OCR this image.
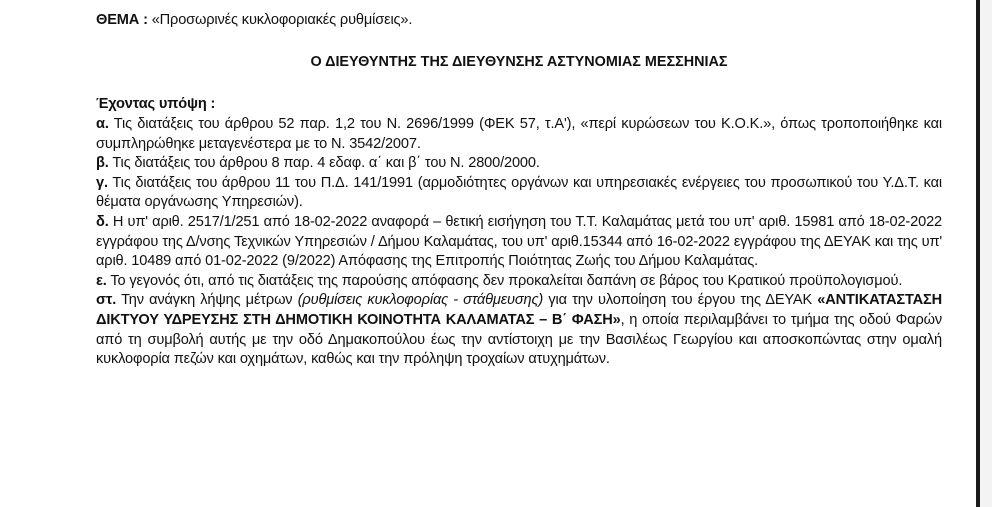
ΘΕΜΑ : «Προσωρινές κυκλοφοριακές ρυθμίσεις».

Ο ΔΙΕΥΘΥΝΤΗΣ ΤΗΣ ΔΙΕΥΘΥΝΣΗΣ ΑΣΤΥΝΟΜΙΑΣ ΜΕΣΣΗΝΙΑΣ

Έχοντας υπόψη :

α. Τις διατάξεις του άρθρου 52 παρ. 1,2 του Ν. 2696/1999 (ΦΕΚ 57, τ.Α'), «περί κυρώσεων του Κ.Ο.Κ.», όπως τροποποιήθηκε και συμπληρώθηκε μεταγενέστερα με το Ν. 3542/2007.

β. Τις διατάξεις του άρθρου 8 παρ. 4 εδαφ. α΄ και β΄ του Ν. 2800/2000.

γ. Τις διατάξεις του άρθρου 11 του Π.Δ. 141/1991 (αρμοδιότητες οργάνων και υπηρεσιακές ενέργειες του προσωπικού του Υ.Δ.Τ. και θέματα οργάνωσης Υπηρεσιών).

δ. Η υπ' αριθ. 2517/1/251 από 18-02-2022 αναφορά – θετική εισήγηση του Τ.Τ. Καλαμάτας μετά του υπ' αριθ. 15981 από 18-02-2022 εγγράφου της Δ/νσης Τεχνικών Υπηρεσιών / Δήμου Καλαμάτας, του υπ' αριθ.15344 από 16-02-2022 εγγράφου της ΔΕΥΑΚ και της υπ' αριθ. 10489 από 01-02-2022 (9/2022) Απόφασης της Επιτροπής Ποιότητας Ζωής του Δήμου Καλαμάτας.

ε. Το γεγονός ότι, από τις διατάξεις της παρούσης απόφασης δεν προκαλείται δαπάνη σε βάρος του Κρατικού προϋπολογισμού.

στ. Την ανάγκη λήψης μέτρων (ρυθμίσεις κυκλοφορίας - στάθμευσης) για την υλοποίηση του έργου της ΔΕΥΑΚ «ΑΝΤΙΚΑΤΑΣΤΑΣΗ ΔΙΚΤΥΟΥ ΥΔΡΕΥΣΗΣ ΣΤΗ ΔΗΜΟΤΙΚΗ ΚΟΙΝΟΤΗΤΑ ΚΑΛΑΜΑΤΑΣ – Β΄ ΦΑΣΗ», η οποία περιλαμβάνει το τμήμα της οδού Φαρών από τη συμβολή αυτής με την οδό Δημακοπούλου έως την αντίστοιχη με την Βασιλέως Γεωργίου και αποσκοπώντας στην ομαλή κυκλοφορία πεζών και οχημάτων, καθώς και την πρόληψη τροχαίων ατυχημάτων.
